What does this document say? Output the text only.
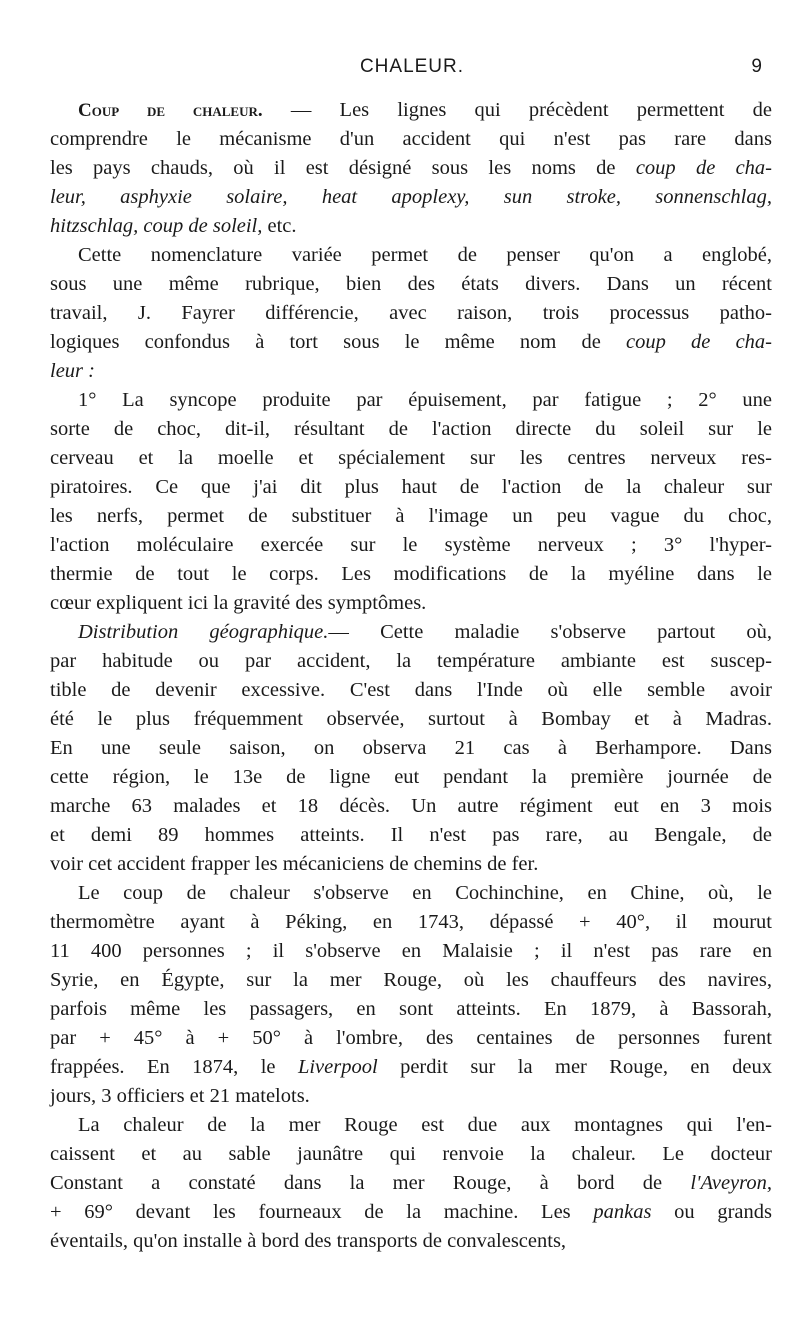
CHALEUR.	9
Coup de chaleur. — Les lignes qui précèdent permettent de
comprendre le mécanisme d'un accident qui n'est pas rare dans
les pays chauds, où il est désigné sous les noms de coup de cha-
leur, asphyxie solaire, heat apoplexy, sun stroke, sonnenschlag,
hitzschlag, coup de soleil, etc.
Cette nomenclature variée permet de penser qu'on a englobé,
sous une même rubrique, bien des états divers. Dans un récent
travail, J. Fayrer différencie, avec raison, trois processus patho-
logiques confondus à tort sous le même nom de coup de cha-
leur :
1° La syncope produite par épuisement, par fatigue ; 2° une
sorte de choc, dit-il, résultant de l'action directe du soleil sur le
cerveau et la moelle et spécialement sur les centres nerveux res-
piratoires. Ce que j'ai dit plus haut de l'action de la chaleur sur
les nerfs, permet de substituer à l'image un peu vague du choc,
l'action moléculaire exercée sur le système nerveux ; 3° l'hyper-
thermie de tout le corps. Les modifications de la myéline dans le
cœur expliquent ici la gravité des symptômes.
Distribution géographique.— Cette maladie s'observe partout où,
par habitude ou par accident, la température ambiante est suscep-
tible de devenir excessive. C'est dans l'Inde où elle semble avoir
été le plus fréquemment observée, surtout à Bombay et à Madras.
En une seule saison, on observa 21 cas à Berhampore. Dans
cette région, le 13e de ligne eut pendant la première journée de
marche 63 malades et 18 décès. Un autre régiment eut en 3 mois
et demi 89 hommes atteints. Il n'est pas rare, au Bengale, de
voir cet accident frapper les mécaniciens de chemins de fer.
Le coup de chaleur s'observe en Cochinchine, en Chine, où, le
thermomètre ayant à Péking, en 1743, dépassé + 40°, il mourut
11 400 personnes ; il s'observe en Malaisie ; il n'est pas rare en
Syrie, en Égypte, sur la mer Rouge, où les chauffeurs des navires,
parfois même les passagers, en sont atteints. En 1879, à Bassorah,
par + 45° à + 50° à l'ombre, des centaines de personnes furent
frappées. En 1874, le Liverpool perdit sur la mer Rouge, en deux
jours, 3 officiers et 21 matelots.
La chaleur de la mer Rouge est due aux montagnes qui l'en-
caissent et au sable jaunâtre qui renvoie la chaleur. Le docteur
Constant a constaté dans la mer Rouge, à bord de l'Aveyron,
+ 69° devant les fourneaux de la machine. Les pankas ou grands
éventails, qu'on installe à bord des transports de convalescents,
